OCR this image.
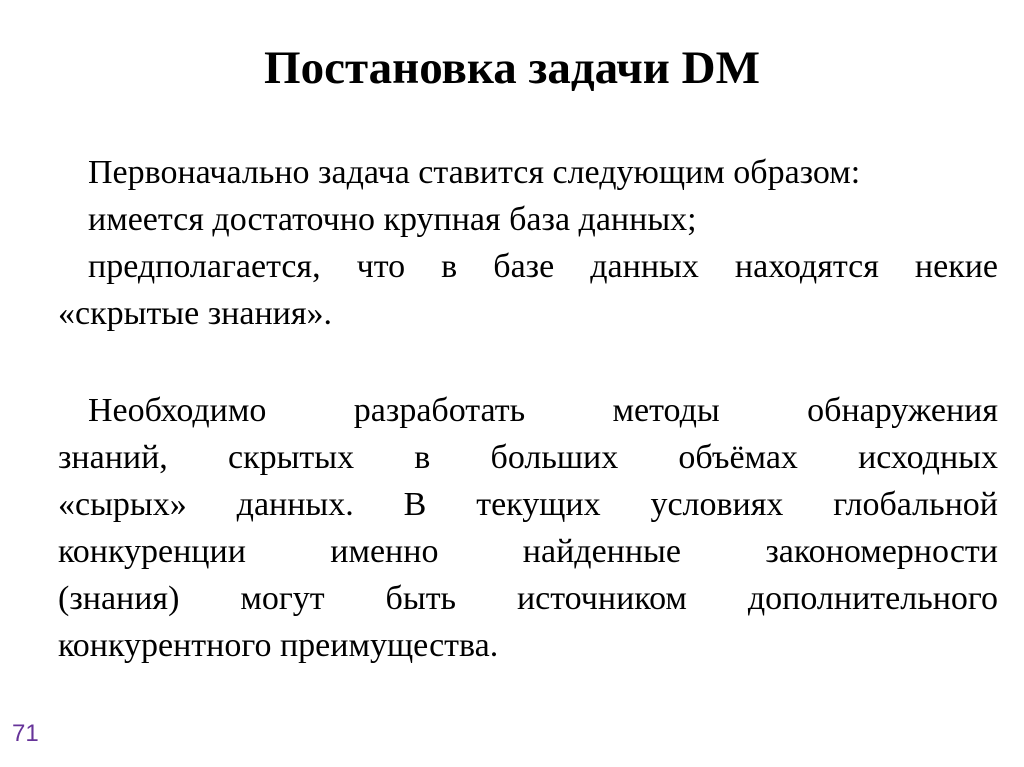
Постановка задачи DM
Первоначально задача ставится следующим образом:
имеется достаточно крупная база данных;
предполагается, что в базе данных находятся некие
«скрытые знания».
Необходимо разработать методы обнаружения
знаний, скрытых в больших объёмах исходных
«сырых» данных. В текущих условиях глобальной
конкуренции именно найденные закономерности
(знания) могут быть источником дополнительного
конкурентного преимущества.
71
